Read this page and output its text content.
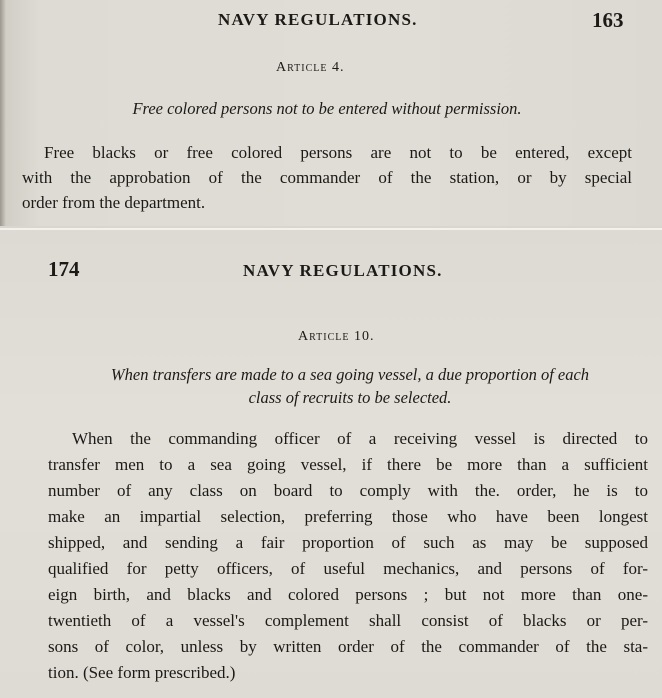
NAVY REGULATIONS.	163
Article 4.
Free colored persons not to be entered without permission.
Free blacks or free colored persons are not to be entered, except
with the approbation of the commander of the station, or by special
order from the department.
174	NAVY REGULATIONS.
Article 10.
When transfers are made to a sea going vessel, a due proportion of each
class of recruits to be selected.
When the commanding officer of a receiving vessel is directed to
transfer men to a sea going vessel, if there be more than a sufficient
number of any class on board to comply with the. order, he is to
make an impartial selection, preferring those who have been longest
shipped, and sending a fair proportion of such as may be supposed
qualified for petty officers, of useful mechanics, and persons of for-
eign birth, and blacks and colored persons ; but not more than one-
twentieth of a vessel's complement shall consist of blacks or per-
sons of color, unless by written order of the commander of the sta-
tion. (See form prescribed.)
